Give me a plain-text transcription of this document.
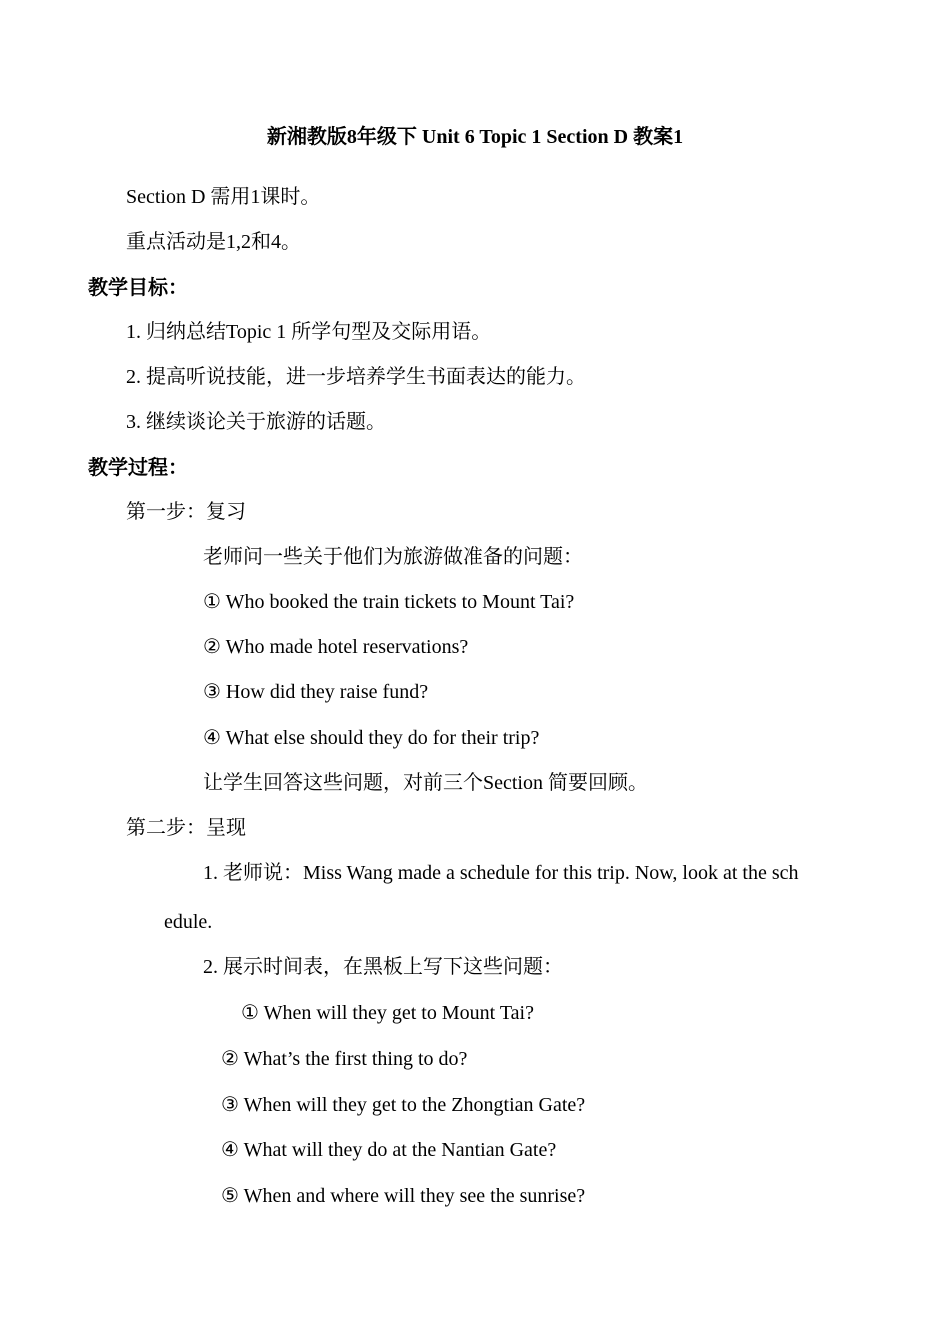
新湘教版8年级下 Unit 6 Topic 1 Section D 教案1
Section D 需用1课时。
重点活动是1,2和4。
教学目标：
1. 归纳总结Topic 1 所学句型及交际用语。
2. 提高听说技能，进一步培养学生书面表达的能力。
3. 继续谈论关于旅游的话题。
教学过程：
第一步：复习
老师问一些关于他们为旅游做准备的问题：
① Who booked the train tickets to Mount Tai?
② Who made hotel reservations?
③ How did they raise fund?
④ What else should they do for their trip?
让学生回答这些问题，对前三个Section 简要回顾。
第二步：呈现
1. 老师说：Miss Wang made a schedule for this trip. Now, look at the sch
edule.
2. 展示时间表，在黑板上写下这些问题：
① When will they get to Mount Tai?
② What’s the first thing to do?
③ When will they get to the Zhongtian Gate?
④ What will they do at the Nantian Gate?
⑤ When and where will they see the sunrise?
